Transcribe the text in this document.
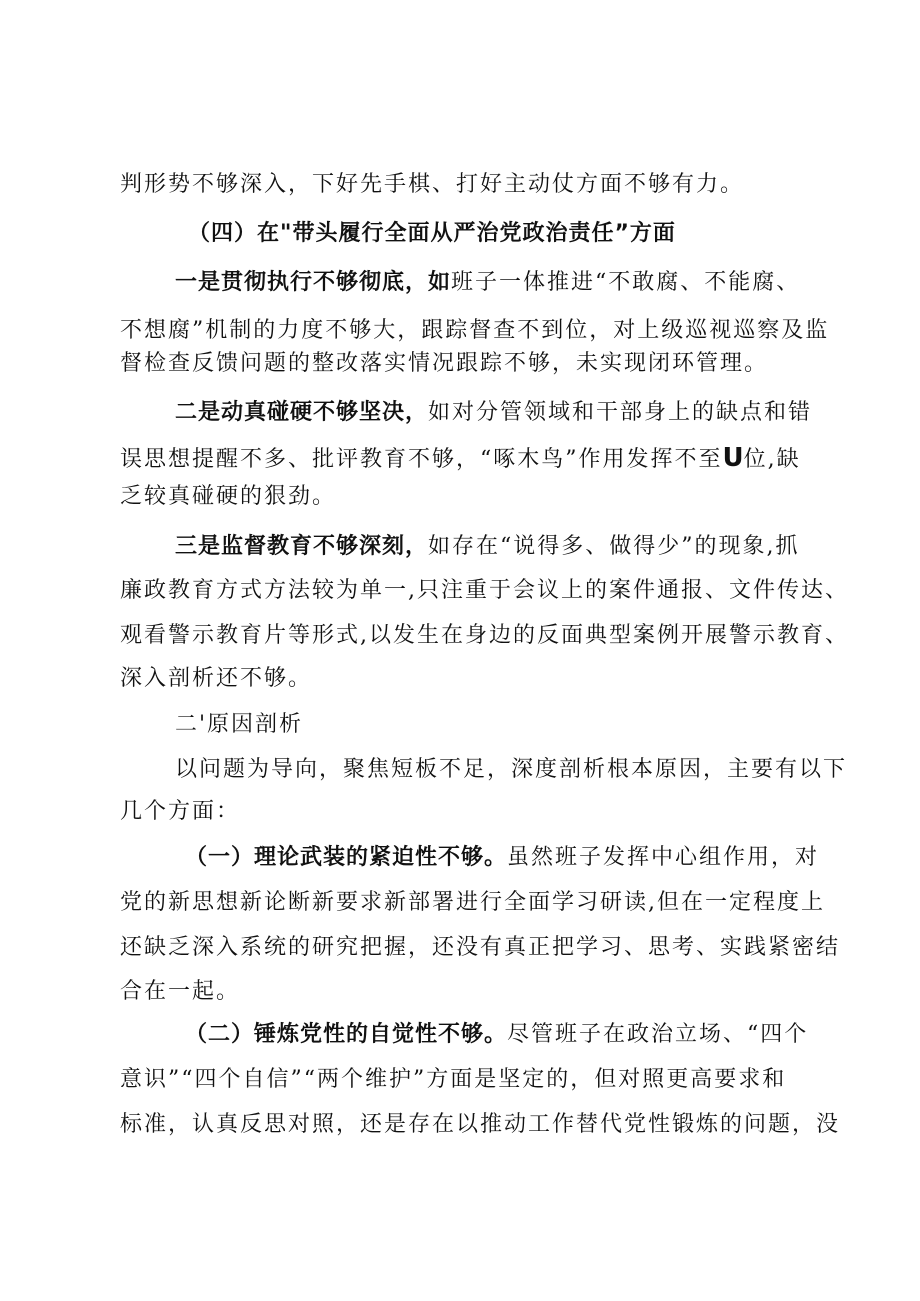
判形势不够深入，下好先手棋、打好主动仗方面不够有力。
（四）在"带头履行全面从严治党政治责任”方面
一是贯彻执行不够彻底，如班子一体推进“不敢腐、不能腐、
不想腐”机制的力度不够大，跟踪督查不到位，对上级巡视巡察及监
督检查反馈问题的整改落实情况跟踪不够，未实现闭环管理。
二是动真碰硬不够坚决，如对分管领域和干部身上的缺点和错
误思想提醒不多、批评教育不够，“啄木鸟”作用发挥不至U位,缺
乏较真碰硬的狠劲。
三是监督教育不够深刻，如存在“说得多、做得少”的现象,抓
廉政教育方式方法较为单一,只注重于会议上的案件通报、文件传达、
观看警示教育片等形式,以发生在身边的反面典型案例开展警示教育、
深入剖析还不够。
二'原因剖析
以问题为导向，聚焦短板不足，深度剖析根本原因，主要有以下
几个方面：
（一）理论武装的紧迫性不够。虽然班子发挥中心组作用，对
党的新思想新论断新要求新部署进行全面学习研读,但在一定程度上
还缺乏深入系统的研究把握，还没有真正把学习、思考、实践紧密结
合在一起。
（二）锤炼党性的自觉性不够。尽管班子在政治立场、“四个
意识”“四个自信”“两个维护”方面是坚定的，但对照更高要求和
标准，认真反思对照，还是存在以推动工作替代党性锻炼的问题，没
